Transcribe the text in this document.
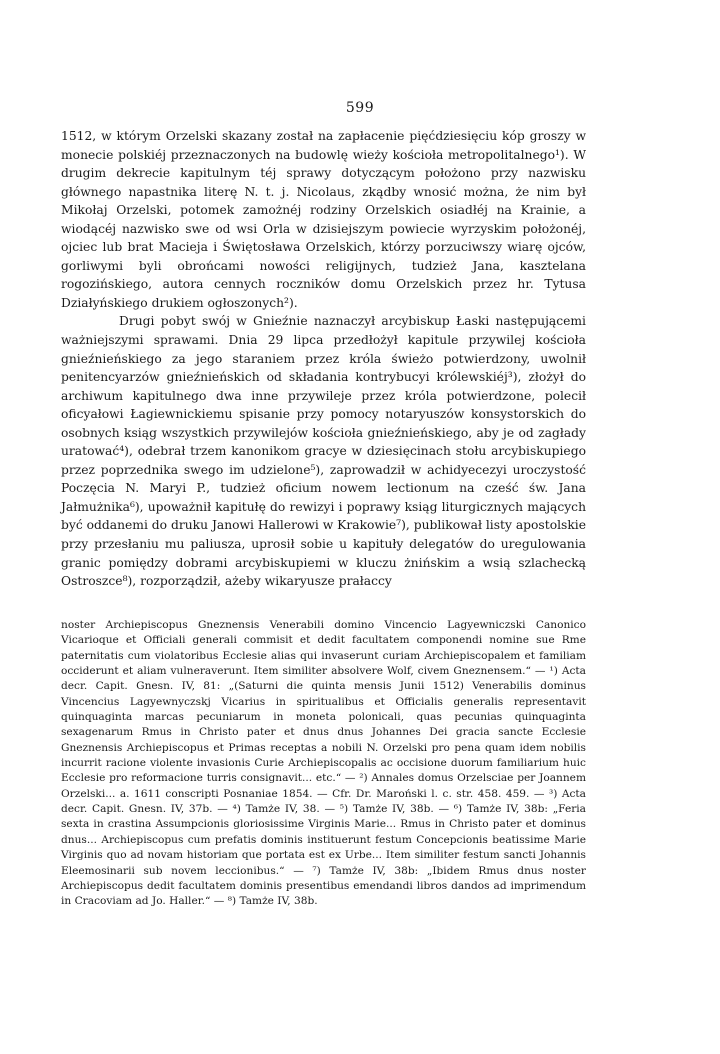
599

1512, w którym Orzelski skazany został na zapłacenie pięćdziesięciu kóp groszy w monecie polskiéj przeznaczonych na budowlę wieży kościoła metropolitalnego¹). W drugim dekrecie kapitulnym téj sprawy dotyczącym położono przy nazwisku głównego napastnika literę N. t. j. Nicolaus, zkądby wnosić można, że nim był Mikołaj Orzelski, potomek zamożnéj rodziny Orzelskich osiadłéj na Krainie, a wiodącéj nazwisko swe od wsi Orla w dzisiejszym powiecie wyrzyskim położonéj, ojciec lub brat Macieja i Świętosława Orzelskich, którzy porzuciwszy wiarę ojców, gorliwymi byli obrońcami nowości religijnych, tudzież Jana, kasztelana rogozińskiego, autora cennych roczników domu Orzelskich przez hr. Tytusa Działyńskiego drukiem ogłoszonych²).

Drugi pobyt swój w Gnieźnie naznaczył arcybiskup Łaski następującemi ważniejszymi sprawami. Dnia 29 lipca przedłożył kapitule przywilej kościoła gnieźnieńskiego za jego staraniem przez króla świeżo potwierdzony, uwolnił penitencyarzów gnieźnieńskich od składania kontrybucyi królewskiéj³), złożył do archiwum kapitulnego dwa inne przywileje przez króla potwierdzone, polecił oficyałowi Łagiewnickiemu spisanie przy pomocy notaryuszów konsystorskich do osobnych ksiąg wszystkich przywilejów kościoła gnieźnieńskiego, aby je od zagłady uratować⁴), odebrał trzem kanonikom gracye w dziesięcinach stołu arcybiskupiego przez poprzednika swego im udzielone⁵), zaprowadził w achidyecezyi uroczystość Poczęcia N. Maryi P., tudzież oficium nowem lectionum na cześć św. Jana Jałmużnika⁶), upoważnił kapitułę do rewizyi i poprawy ksiąg liturgicznych mających być oddanemi do druku Janowi Hallerowi w Krakowie⁷), publikował listy apostolskie przy przesłaniu mu paliusza, uprosił sobie u kapituły delegatów do uregulowania granic pomiędzy dobrami arcybiskupiemi w kluczu żnińskim a wsią szlachecką Ostroszce⁸), rozporządził, ażeby wikaryusze prałaccy

noster Archiepiscopus Gneznensis Venerabili domino Vincencio Lagyewniczski Canonico Vicarioque et Officiali generali commisit et dedit facultatem componendi nomine sue Rme paternitatis cum violatoribus Ecclesie alias qui invaserunt curiam Archiepiscopalem et familiam occiderunt et aliam vulneraverunt. Item similiter absolvere Wolf, civem Gneznensem.“ — ¹) Acta decr. Capit. Gnesn. IV, 81: „(Saturni die quinta mensis Junii 1512) Venerabilis dominus Vincencius Lagyewnyczskj Vicarius in spiritualibus et Officialis generalis representavit quinquaginta marcas pecuniarum in moneta polonicali, quas pecunias quinquaginta sexagenarum Rmus in Christo pater et dnus dnus Johannes Dei gracia sancte Ecclesie Gneznensis Archiepiscopus et Primas receptas a nobili N. Orzelski pro pena quam idem nobilis incurrit racione violente invasionis Curie Archiepiscopalis ac occisione duorum familiarium huic Ecclesie pro reformacione turris consignavit... etc.“ — ²) Annales domus Orzelsciae per Joannem Orzelski... a. 1611 conscripti Posnaniae 1854. — Cfr. Dr. Maroński l. c. str. 458. 459. — ³) Acta decr. Capit. Gnesn. IV, 37b. — ⁴) Tamże IV, 38. — ⁵) Tamże IV, 38b. — ⁶) Tamże IV, 38b: „Feria sexta in crastina Assumpcionis gloriosissime Virginis Marie... Rmus in Christo pater et dominus dnus... Archiepiscopus cum prefatis dominis instituerunt festum Concepcionis beatissime Marie Virginis quo ad novam historiam que portata est ex Urbe... Item similiter festum sancti Johannis Eleemosinarii sub novem leccionibus.“ — ⁷) Tamże IV, 38b: „Ibidem Rmus dnus noster Archiepiscopus dedit facultatem dominis presentibus emendandi libros dandos ad imprimendum in Cracoviam ad Jo. Haller.“ — ⁸) Tamże IV, 38b.
